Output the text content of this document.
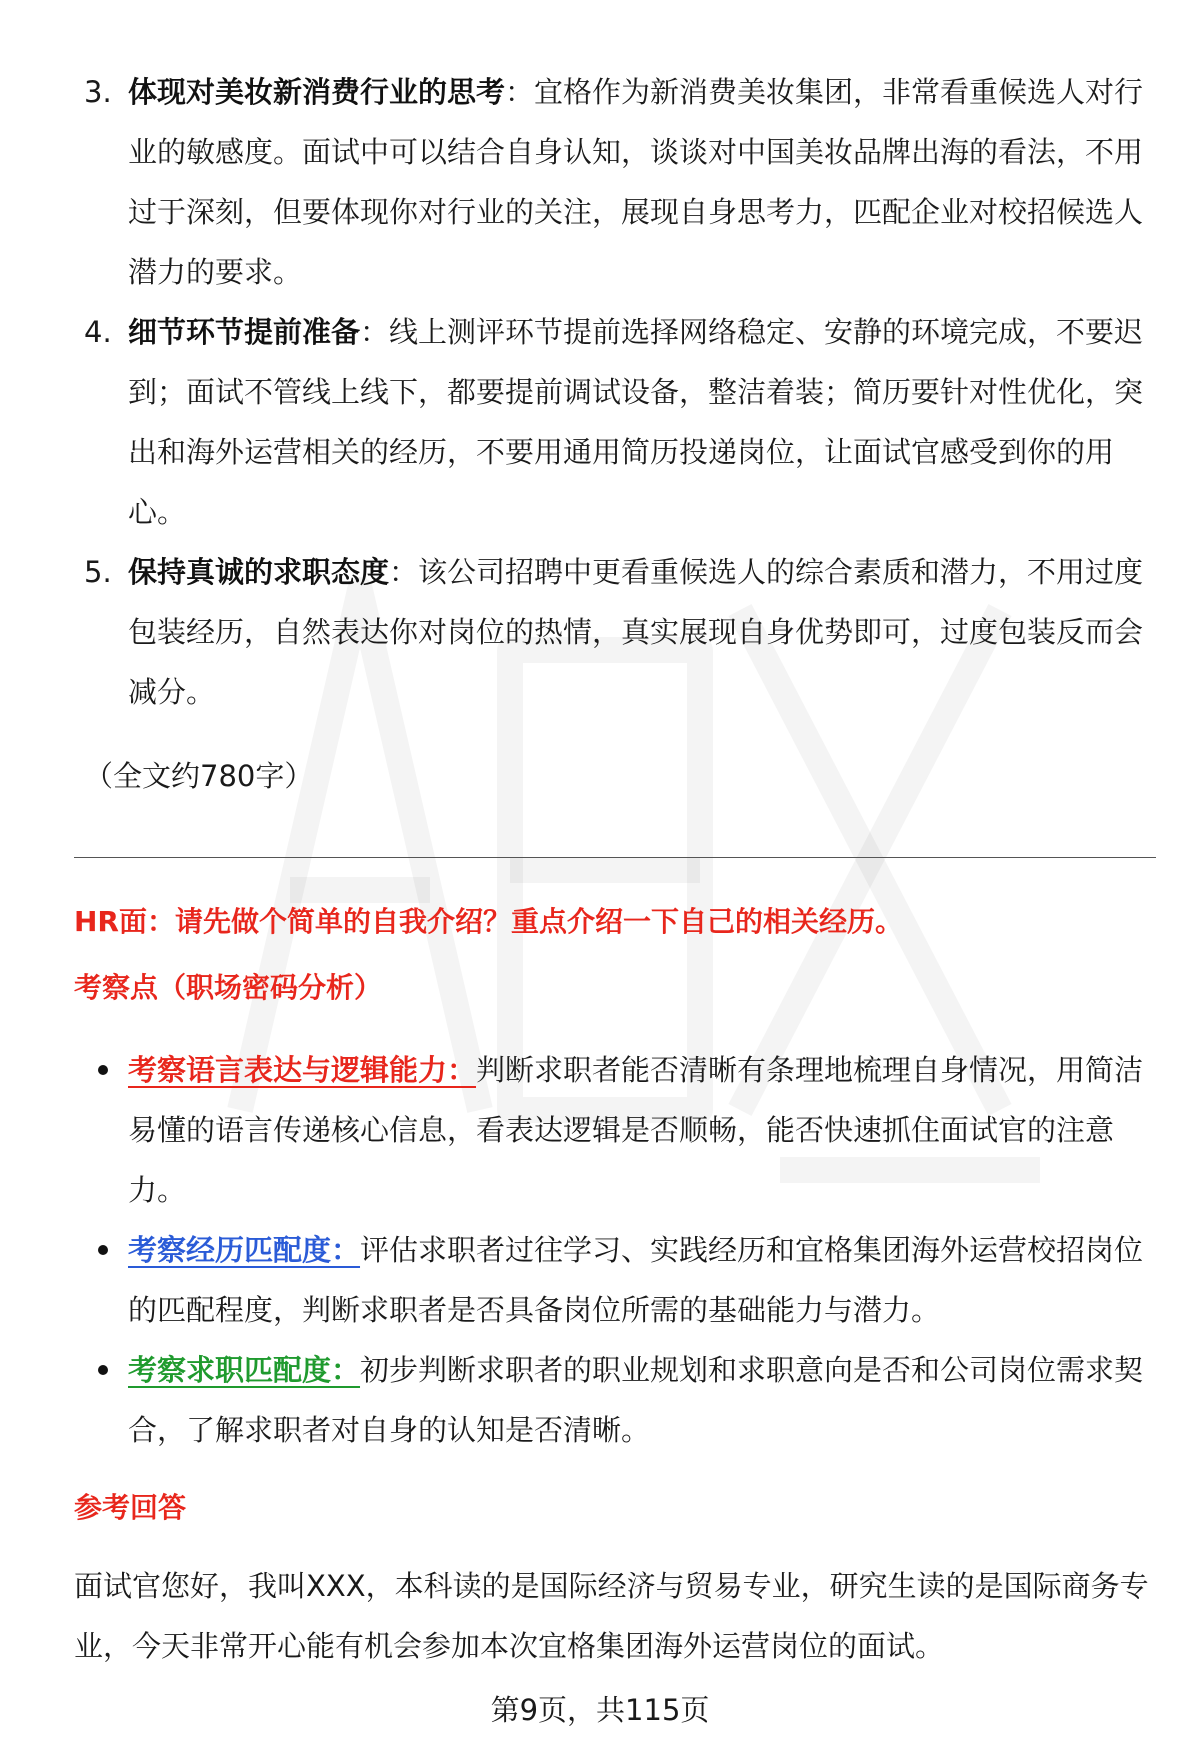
3. 体现对美妆新消费行业的思考：宜格作为新消费美妆集团，非常看重候选人对行业的敏感度。面试中可以结合自身认知，谈谈对中国美妆品牌出海的看法，不用过于深刻，但要体现你对行业的关注，展现自身思考力，匹配企业对校招候选人潜力的要求。
4. 细节环节提前准备：线上测评环节提前选择网络稳定、安静的环境完成，不要迟到；面试不管线上线下，都要提前调试设备，整洁着装；简历要针对性优化，突出和海外运营相关的经历，不要用通用简历投递岗位，让面试官感受到你的用心。
5. 保持真诚的求职态度：该公司招聘中更看重候选人的综合素质和潜力，不用过度包装经历，自然表达你对岗位的热情，真实展现自身优势即可，过度包装反而会减分。
（全文约780字）
HR面：请先做个简单的自我介绍？重点介绍一下自己的相关经历。
考察点（职场密码分析）
考察语言表达与逻辑能力：判断求职者能否清晰有条理地梳理自身情况，用简洁易懂的语言传递核心信息，看表达逻辑是否顺畅，能否快速抓住面试官的注意力。
考察经历匹配度：评估求职者过往学习、实践经历和宜格集团海外运营校招岗位的匹配程度，判断求职者是否具备岗位所需的基础能力与潜力。
考察求职匹配度：初步判断求职者的职业规划和求职意向是否和公司岗位需求契合，了解求职者对自身的认知是否清晰。
参考回答
面试官您好，我叫XXX，本科读的是国际经济与贸易专业，研究生读的是国际商务专业，今天非常开心能有机会参加本次宜格集团海外运营岗位的面试。
第9页，共115页
